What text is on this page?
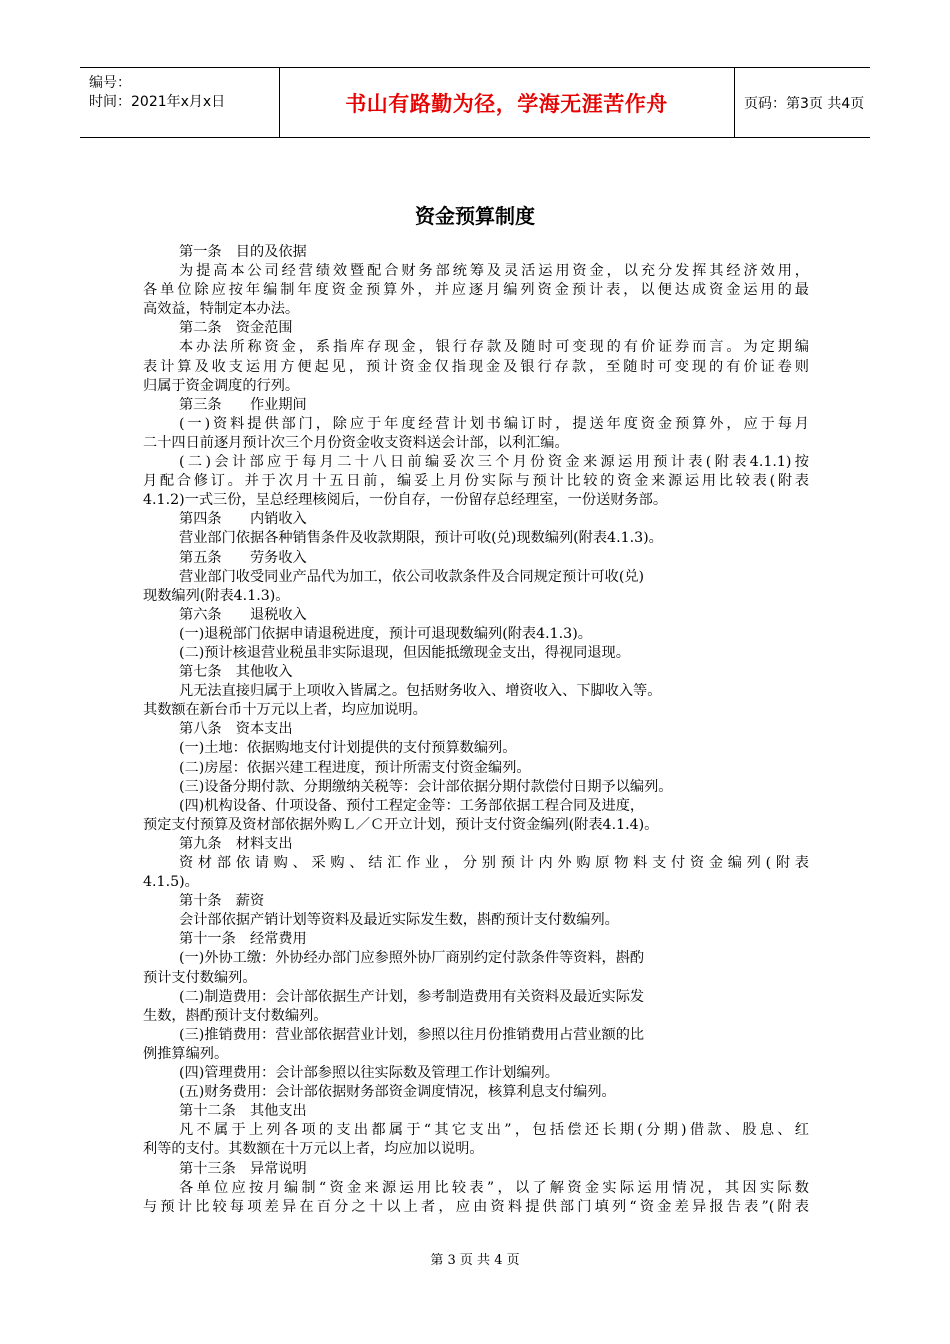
编号：
时间：2021年x月x日	书山有路勤为径，学海无涯苦作舟	页码：第3页 共4页
资金预算制度
第一条　目的及依据
为提高本公司经营绩效暨配合财务部统筹及灵活运用资金，以充分发挥其经济效用，
各单位除应按年编制年度资金预算外，并应逐月编列资金预计表，以便达成资金运用的最
高效益，特制定本办法。
第二条　资金范围
本办法所称资金，系指库存现金，银行存款及随时可变现的有价证券而言。为定期编
表计算及收支运用方便起见，预计资金仅指现金及银行存款，至随时可变现的有价证卷则
归属于资金调度的行列。
第三条　　作业期间
(一)资料提供部门，除应于年度经营计划书编订时，提送年度资金预算外，应于每月
二十四日前逐月预计次三个月份资金收支资料送会计部，以利汇编。
(二)会计部应于每月二十八日前编妥次三个月份资金来源运用预计表(附表4.1.1)按
月配合修订。并于次月十五日前，编妥上月份实际与预计比较的资金来源运用比较表(附表
4.1.2)一式三份，呈总经理核阅后，一份自存，一份留存总经理室，一份送财务部。
第四条　　内销收入
营业部门依据各种销售条件及收款期限，预计可收(兑)现数编列(附表4.1.3)。
第五条　　劳务收入
营业部门收受同业产品代为加工，依公司收款条件及合同规定预计可收(兑)
现数编列(附表4.1.3)。
第六条　　退税收入
(一)退税部门依据申请退税进度，预计可退现数编列(附表4.1.3)。
(二)预计核退营业税虽非实际退现，但因能抵缴现金支出，得视同退现。
第七条　其他收入
凡无法直接归属于上项收入皆属之。包括财务收入、增资收入、下脚收入等。
其数额在新台币十万元以上者，均应加说明。
第八条　资本支出
(一)土地：依据购地支付计划提供的支付预算数编列。
(二)房屋：依据兴建工程进度，预计所需支付资金编列。
(三)设备分期付款、分期缴纳关税等：会计部依据分期付款偿付日期予以编列。
(四)机构设备、什项设备、预付工程定金等：工务部依据工程合同及进度，
预定支付预算及资材部依据外购Ｌ／Ｃ开立计划，预计支付资金编列(附表4.1.4)。
第九条　材料支出
资材部依请购、采购、结汇作业，分别预计内外购原物料支付资金编列(附表
4.1.5)。
第十条　薪资
会计部依据产销计划等资料及最近实际发生数，斟酌预计支付数编列。
第十一条　经常费用
(一)外协工缴：外协经办部门应参照外协厂商别约定付款条件等资料，斟酌
预计支付数编列。
(二)制造费用：会计部依据生产计划，参考制造费用有关资料及最近实际发
生数，斟酌预计支付数编列。
(三)推销费用：营业部依据营业计划，参照以往月份推销费用占营业额的比
例推算编列。
(四)管理费用：会计部参照以往实际数及管理工作计划编列。
(五)财务费用：会计部依据财务部资金调度情况，核算利息支付编列。
第十二条　其他支出
凡不属于上列各项的支出都属于“其它支出”，包括偿还长期(分期)借款、股息、红
利等的支付。其数额在十万元以上者，均应加以说明。
第十三条　异常说明
各单位应按月编制“资金来源运用比较表”，以了解资金实际运用情况，其因实际数
与预计比较每项差异在百分之十以上者，应由资料提供部门填列“资金差异报告表”(附表
第 3 页 共 4 页
